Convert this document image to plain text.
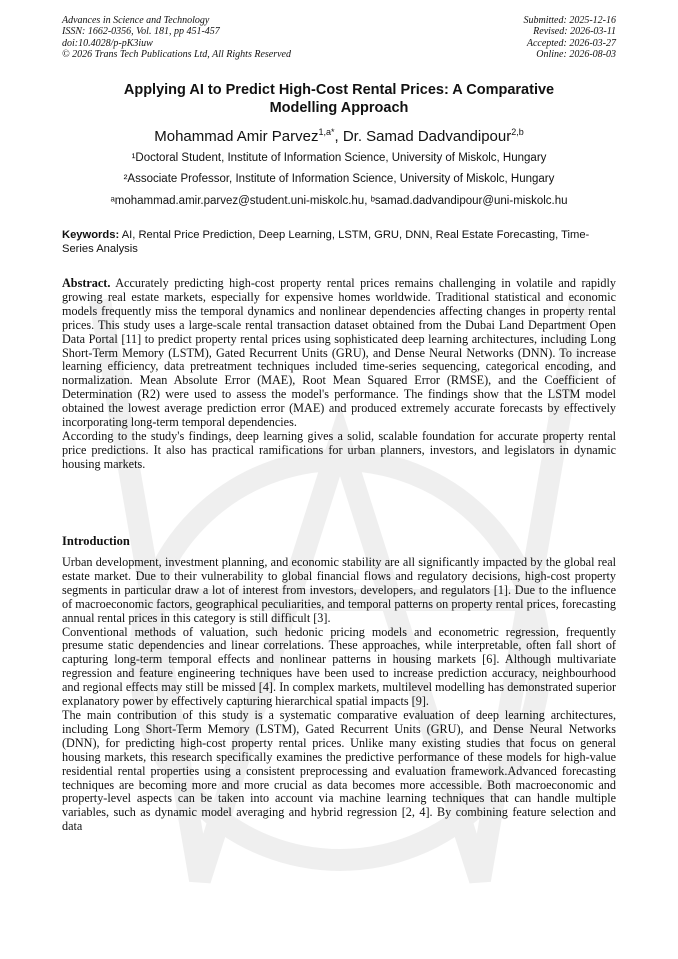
Advances in Science and Technology
ISSN: 1662-0356, Vol. 181, pp 451-457
doi:10.4028/p-pK3iuw
© 2026 Trans Tech Publications Ltd, All Rights Reserved
Submitted: 2025-12-16
Revised: 2026-03-11
Accepted: 2026-03-27
Online: 2026-08-03
Applying AI to Predict High-Cost Rental Prices: A Comparative
Modelling Approach
Mohammad Amir Parvez$^{1,a*}$, Dr. Samad Dadvandipour$^{2,b}$
¹Doctoral Student, Institute of Information Science, University of Miskolc, Hungary
²Associate Professor, Institute of Information Science, University of Miskolc, Hungary
ᵃmohammad.amir.parvez@student.uni-miskolc.hu, ᵇsamad.dadvandipour@uni-miskolc.hu
Keywords: AI, Rental Price Prediction, Deep Learning, LSTM, GRU, DNN, Real Estate Forecasting, Time-Series Analysis

Abstract. Accurately predicting high-cost property rental prices remains challenging in volatile and rapidly growing real estate markets, especially for expensive homes worldwide. Traditional statistical and economic models frequently miss the temporal dynamics and nonlinear dependencies affecting changes in property rental prices. This study uses a large-scale rental transaction dataset obtained from the Dubai Land Department Open Data Portal [11] to predict property rental prices using sophisticated deep learning architectures, including Long Short-Term Memory (LSTM), Gated Recurrent Units (GRU), and Dense Neural Networks (DNN). To increase learning efficiency, data pretreatment techniques included time-series sequencing, categorical encoding, and normalization. Mean Absolute Error (MAE), Root Mean Squared Error (RMSE), and the Coefficient of Determination (R2) were used to assess the model's performance. The findings show that the LSTM model obtained the lowest average prediction error (MAE) and produced extremely accurate forecasts by effectively incorporating long-term temporal dependencies.

According to the study's findings, deep learning gives a solid, scalable foundation for accurate property rental price predictions. It also has practical ramifications for urban planners, investors, and legislators in dynamic housing markets.

Introduction

Urban development, investment planning, and economic stability are all significantly impacted by the global real estate market. Due to their vulnerability to global financial flows and regulatory decisions, high-cost property segments in particular draw a lot of interest from investors, developers, and regulators [1]. Due to the influence of macroeconomic factors, geographical peculiarities, and temporal patterns on property rental prices, forecasting annual rental prices in this category is still difficult [3].

Conventional methods of valuation, such hedonic pricing models and econometric regression, frequently presume static dependencies and linear correlations. These approaches, while interpretable, often fall short of capturing long-term temporal effects and nonlinear patterns in housing markets [6]. Although multivariate regression and feature engineering techniques have been used to increase prediction accuracy, neighbourhood and regional effects may still be missed [4]. In complex markets, multilevel modelling has demonstrated superior explanatory power by effectively capturing hierarchical spatial impacts [9].

The main contribution of this study is a systematic comparative evaluation of deep learning architectures, including Long Short-Term Memory (LSTM), Gated Recurrent Units (GRU), and Dense Neural Networks (DNN), for predicting high-cost property rental prices. Unlike many existing studies that focus on general housing markets, this research specifically examines the predictive performance of these models for high-value residential rental properties using a consistent preprocessing and evaluation framework.Advanced forecasting techniques are becoming more and more crucial as data becomes more accessible. Both macroeconomic and property-level aspects can be taken into account via machine learning techniques that can handle multiple variables, such as dynamic model averaging and hybrid regression [2, 4]. By combining feature selection and data
